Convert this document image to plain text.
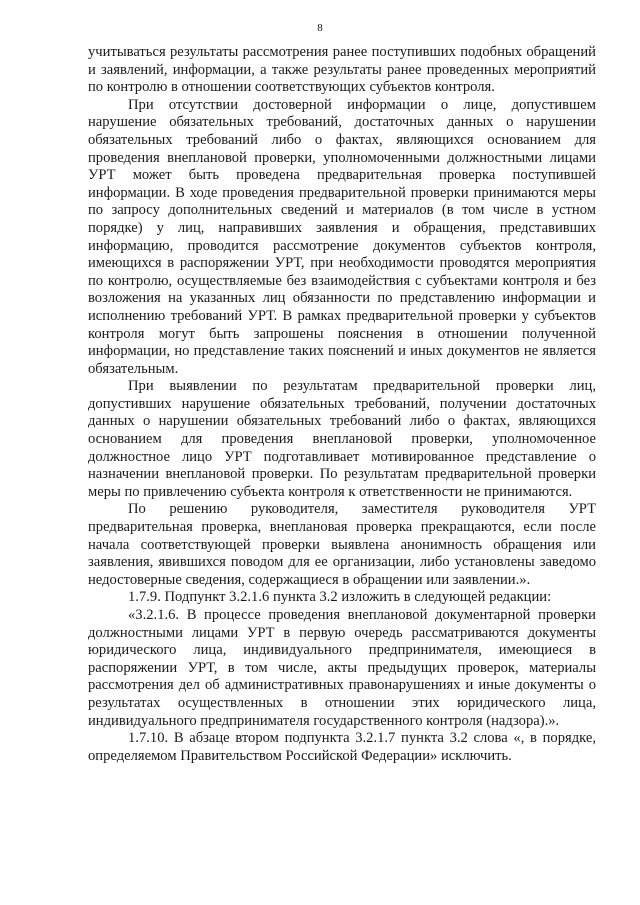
8

учитываться результаты рассмотрения ранее поступивших подобных обращений и заявлений, информации, а также результаты ранее проведенных мероприятий по контролю в отношении соответствующих субъектов контроля.

При отсутствии достоверной информации о лице, допустившем нарушение обязательных требований, достаточных данных о нарушении обязательных требований либо о фактах, являющихся основанием для проведения внеплановой проверки, уполномоченными должностными лицами УРТ может быть проведена предварительная проверка поступившей информации. В ходе проведения предварительной проверки принимаются меры по запросу дополнительных сведений и материалов (в том числе в устном порядке) у лиц, направивших заявления и обращения, представивших информацию, проводится рассмотрение документов субъектов контроля, имеющихся в распоряжении УРТ, при необходимости проводятся мероприятия по контролю, осуществляемые без взаимодействия с субъектами контроля и без возложения на указанных лиц обязанности по представлению информации и исполнению требований УРТ. В рамках предварительной проверки у субъектов контроля могут быть запрошены пояснения в отношении полученной информации, но представление таких пояснений и иных документов не является обязательным.

При выявлении по результатам предварительной проверки лиц, допустивших нарушение обязательных требований, получении достаточных данных о нарушении обязательных требований либо о фактах, являющихся основанием для проведения внеплановой проверки, уполномоченное должностное лицо УРТ подготавливает мотивированное представление о назначении внеплановой проверки. По результатам предварительной проверки меры по привлечению субъекта контроля к ответственности не принимаются.

По решению руководителя, заместителя руководителя УРТ предварительная проверка, внеплановая проверка прекращаются, если после начала соответствующей проверки выявлена анонимность обращения или заявления, явившихся поводом для ее организации, либо установлены заведомо недостоверные сведения, содержащиеся в обращении или заявлении.».

1.7.9. Подпункт 3.2.1.6 пункта 3.2 изложить в следующей редакции:

«3.2.1.6. В процессе проведения внеплановой документарной проверки должностными лицами УРТ в первую очередь рассматриваются документы юридического лица, индивидуального предпринимателя, имеющиеся в распоряжении УРТ, в том числе, акты предыдущих проверок, материалы рассмотрения дел об административных правонарушениях и иные документы о результатах осуществленных в отношении этих юридического лица, индивидуального предпринимателя государственного контроля (надзора).».

1.7.10. В абзаце втором подпункта 3.2.1.7 пункта 3.2 слова «, в порядке, определяемом Правительством Российской Федерации» исключить.
